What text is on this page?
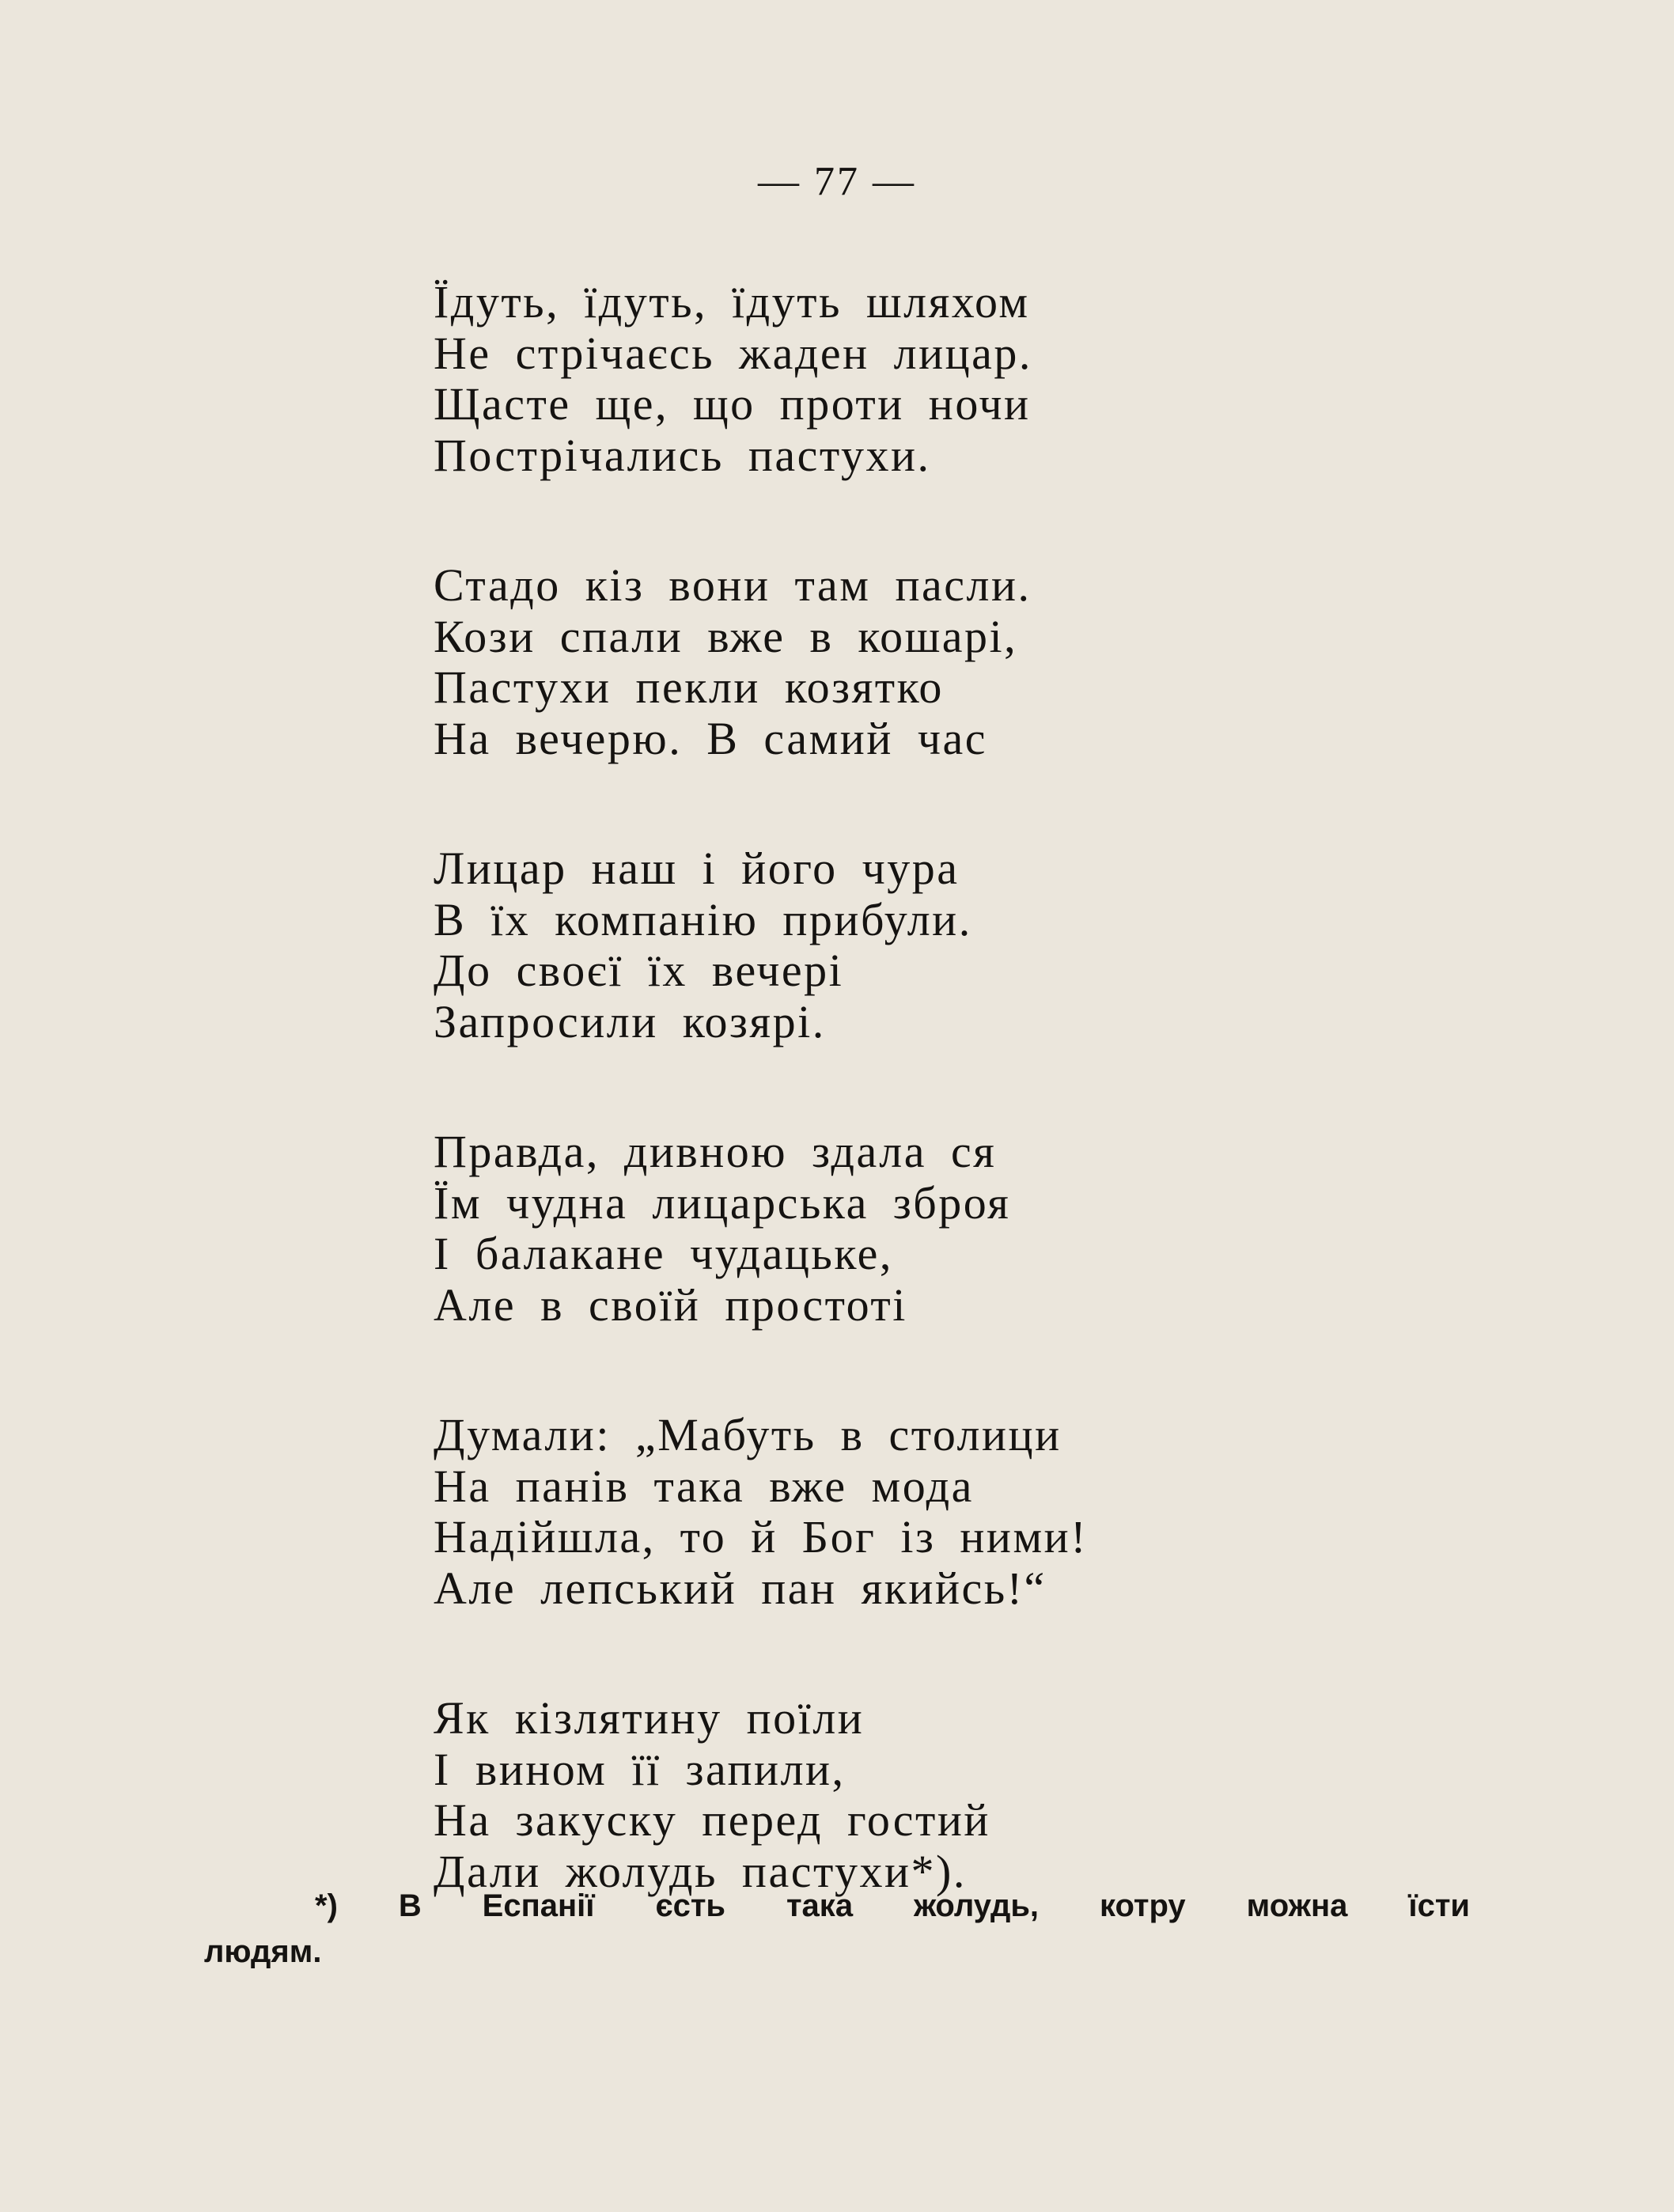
— 77 —
Їдуть, їдуть, їдуть шляхом
Не стрічаєсь жаден лицар.
Щасте ще, що проти ночи
Пострічались пастухи.
Стадо кіз вони там пасли.
Кози спали вже в кошарі,
Пастухи пекли козятко
На вечерю. В самий час
Лицар наш і його чура
В їх компанію прибули.
До своєї їх вечері
Запросили козярі.
Правда, дивною здала ся
Їм чудна лицарська зброя
І балакане чудацьке,
Але в своїй простоті
Думали: „Мабуть в столици
На панів така вже мода
Надійшла, то й Бог із ними!
Але лепський пан якийсь!“
Як кізлятину поїли
І вином її запили,
На закуску перед гостий
Дали жолудь пастухи*).
*) В Еспанії єсть така жолудь, котру можна їсти
людям.
